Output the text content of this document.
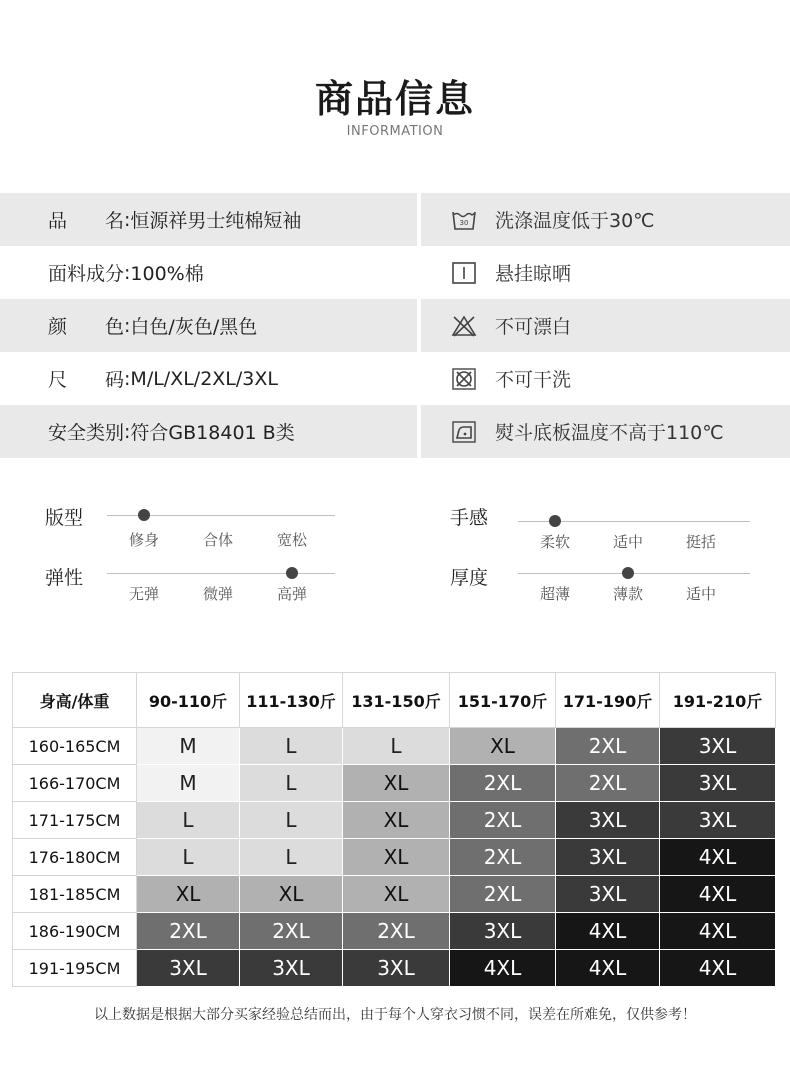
商品信息
INFORMATION
品　　名 : 恒源祥男士纯棉短袖	30 洗涤温度低于30℃
面料成分 : 100%棉	悬挂晾晒
颜　　色 : 白色/灰色/黑色	不可漂白
尺　　码 : M/L/XL/2XL/3XL	不可干洗
安全类别 : 符合GB18401 B类	熨斗底板温度不高于110℃
版型
修身	合体	宽松
手感
柔软	适中	挺括
弹性
无弹	微弹	高弹
厚度
超薄	薄款	适中
身高/体重	90-110斤	111-130斤	131-150斤	151-170斤	171-190斤	191-210斤
160-165CM	M	L	L	XL	2XL	3XL
166-170CM	M	L	XL	2XL	2XL	3XL
171-175CM	L	L	XL	2XL	3XL	3XL
176-180CM	L	L	XL	2XL	3XL	4XL
181-185CM	XL	XL	XL	2XL	3XL	4XL
186-190CM	2XL	2XL	2XL	3XL	4XL	4XL
191-195CM	3XL	3XL	3XL	4XL	4XL	4XL
以上数据是根据大部分买家经验总结而出，由于每个人穿衣习惯不同，误差在所难免，仅供参考！
